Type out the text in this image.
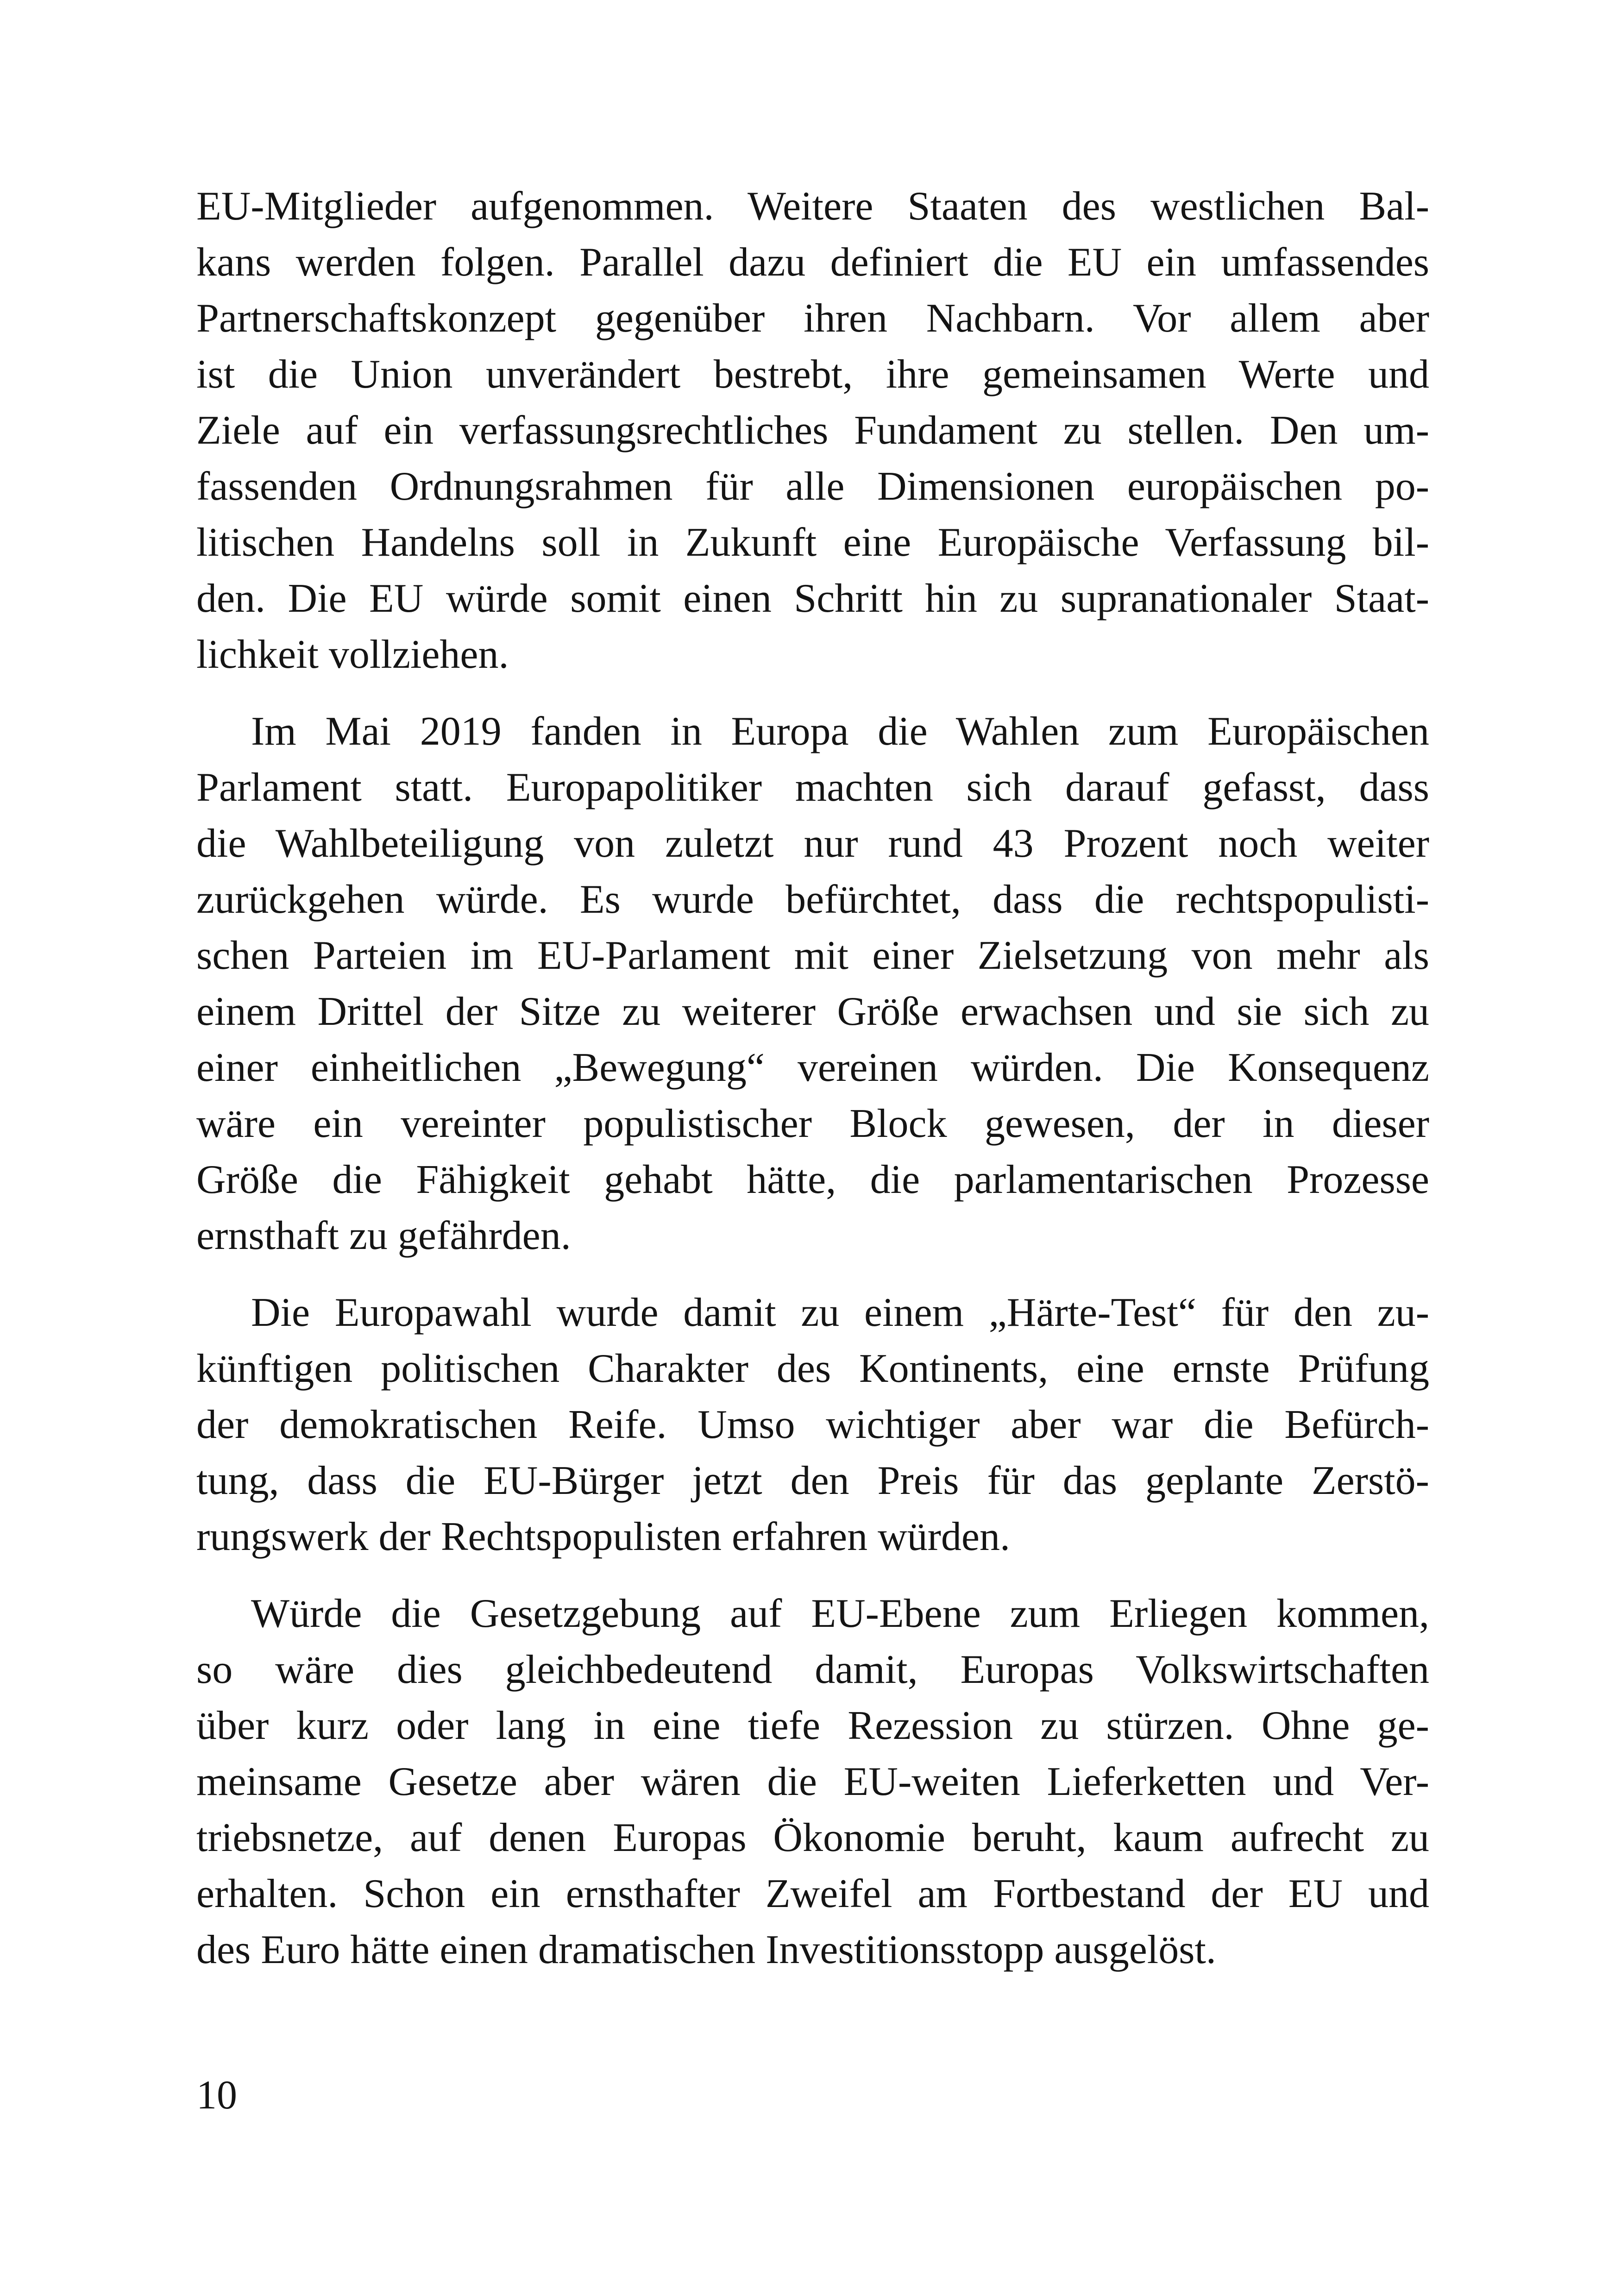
EU-Mitglieder aufgenommen. Weitere Staaten des westlichen Bal-
kans werden folgen. Parallel dazu definiert die EU ein umfassendes
Partnerschaftskonzept gegenüber ihren Nachbarn. Vor allem aber
ist die Union unverändert bestrebt, ihre gemeinsamen Werte und
Ziele auf ein verfassungsrechtliches Fundament zu stellen. Den um-
fassenden Ordnungsrahmen für alle Dimensionen europäischen po-
litischen Handelns soll in Zukunft eine Europäische Verfassung bil-
den. Die EU würde somit einen Schritt hin zu supranationaler Staat-
lichkeit vollziehen.
Im Mai 2019 fanden in Europa die Wahlen zum Europäischen
Parlament statt. Europapolitiker machten sich darauf gefasst, dass
die Wahlbeteiligung von zuletzt nur rund 43 Prozent noch weiter
zurückgehen würde. Es wurde befürchtet, dass die rechtspopulisti-
schen Parteien im EU-Parlament mit einer Zielsetzung von mehr als
einem Drittel der Sitze zu weiterer Größe erwachsen und sie sich zu
einer einheitlichen „Bewegung“ vereinen würden. Die Konsequenz
wäre ein vereinter populistischer Block gewesen, der in dieser
Größe die Fähigkeit gehabt hätte, die parlamentarischen Prozesse
ernsthaft zu gefährden.
Die Europawahl wurde damit zu einem „Härte-Test“ für den zu-
künftigen politischen Charakter des Kontinents, eine ernste Prüfung
der demokratischen Reife. Umso wichtiger aber war die Befürch-
tung, dass die EU-Bürger jetzt den Preis für das geplante Zerstö-
rungswerk der Rechtspopulisten erfahren würden.
Würde die Gesetzgebung auf EU-Ebene zum Erliegen kommen,
so wäre dies gleichbedeutend damit, Europas Volkswirtschaften
über kurz oder lang in eine tiefe Rezession zu stürzen. Ohne ge-
meinsame Gesetze aber wären die EU-weiten Lieferketten und Ver-
triebsnetze, auf denen Europas Ökonomie beruht, kaum aufrecht zu
erhalten. Schon ein ernsthafter Zweifel am Fortbestand der EU und
des Euro hätte einen dramatischen Investitionsstopp ausgelöst.
10
